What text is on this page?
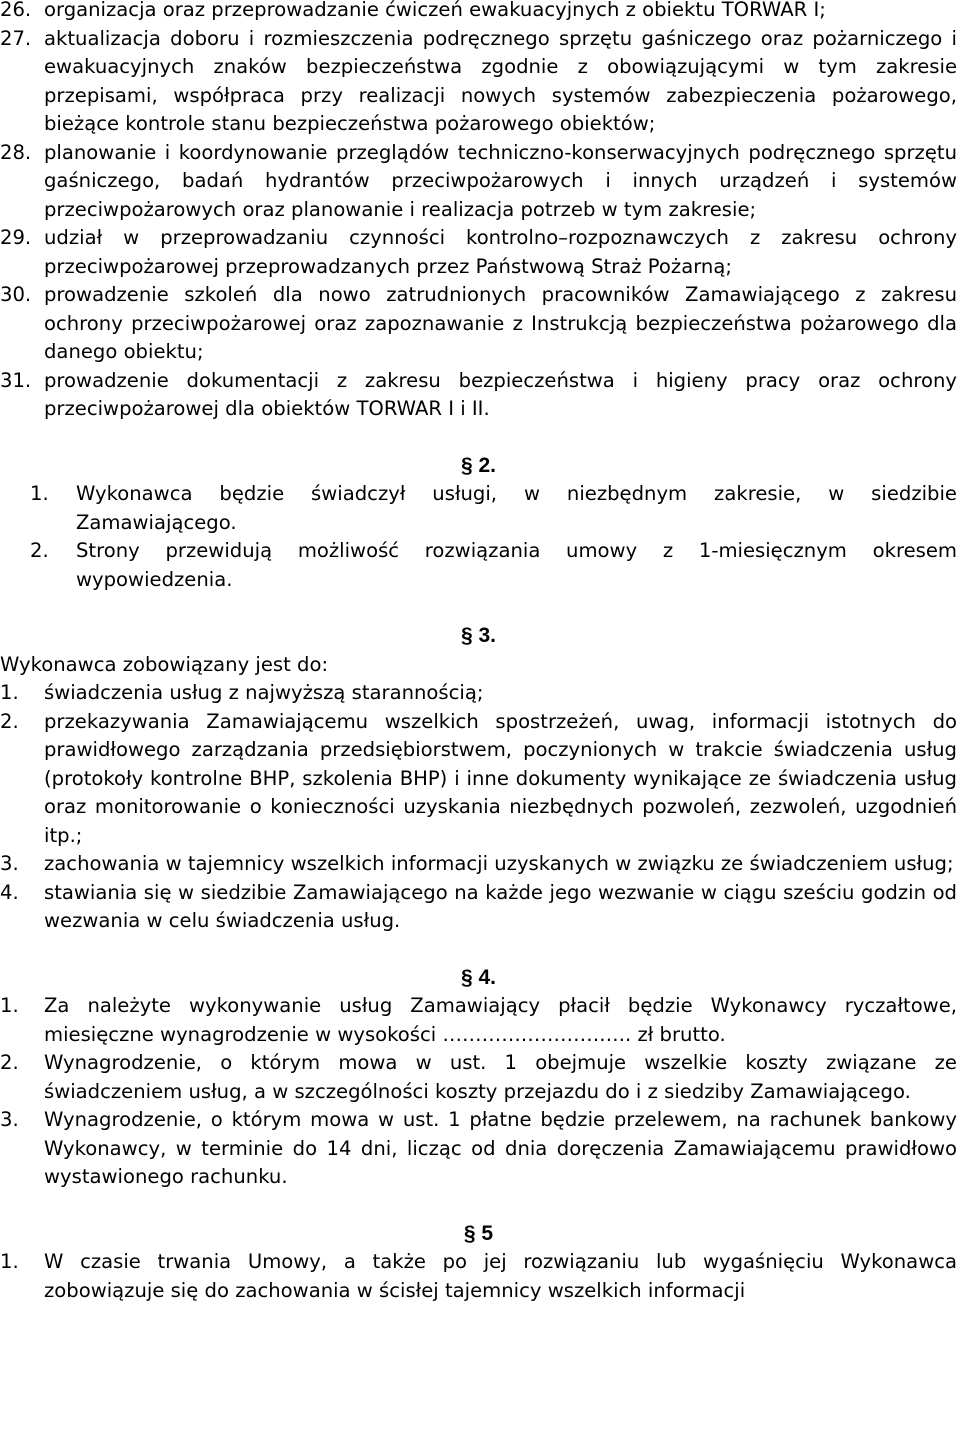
26. organizacja oraz przeprowadzanie ćwiczeń ewakuacyjnych z obiektu TORWAR I;
27. aktualizacja doboru i rozmieszczenia podręcznego sprzętu gaśniczego oraz pożarniczego i ewakuacyjnych znaków bezpieczeństwa zgodnie z obowiązującymi w tym zakresie przepisami, współpraca przy realizacji nowych systemów zabezpieczenia pożarowego, bieżące kontrole stanu bezpieczeństwa pożarowego obiektów;
28. planowanie i koordynowanie przeglądów techniczno-konserwacyjnych podręcznego sprzętu gaśniczego, badań hydrantów przeciwpożarowych i innych urządzeń i systemów przeciwpożarowych oraz planowanie i realizacja potrzeb w tym zakresie;
29. udział w przeprowadzaniu czynności kontrolno–rozpoznawczych z zakresu ochrony przeciwpożarowej przeprowadzanych przez Państwową Straż Pożarną;
30. prowadzenie szkoleń dla nowo zatrudnionych pracowników Zamawiającego z zakresu ochrony przeciwpożarowej oraz zapoznawanie z Instrukcją bezpieczeństwa pożarowego dla danego obiektu;
31. prowadzenie dokumentacji z zakresu bezpieczeństwa i higieny pracy oraz ochrony przeciwpożarowej dla obiektów TORWAR I i II.
§ 2.
1.	Wykonawca będzie świadczył usługi, w niezbędnym zakresie, w siedzibie Zamawiającego.
2.	Strony przewidują możliwość rozwiązania umowy z 1-miesięcznym okresem wypowiedzenia.
§ 3.
Wykonawca zobowiązany jest do:
1.	świadczenia usług z najwyższą starannością;
2.	przekazywania Zamawiającemu wszelkich spostrzeżeń, uwag, informacji istotnych do prawidłowego zarządzania przedsiębiorstwem, poczynionych w trakcie świadczenia usług (protokoły kontrolne BHP, szkolenia BHP) i inne dokumenty wynikające ze świadczenia usług oraz monitorowanie o konieczności uzyskania niezbędnych pozwoleń, zezwoleń, uzgodnień itp.;
3.	zachowania w tajemnicy wszelkich informacji uzyskanych w związku ze świadczeniem usług;
4.	stawiania się w siedzibie Zamawiającego na każde jego wezwanie w ciągu sześciu godzin od wezwania w celu świadczenia usług.
§ 4.
1.	Za należyte wykonywanie usług Zamawiający płacił będzie Wykonawcy ryczałtowe, miesięczne wynagrodzenie w wysokości ……………………….. zł brutto.
2.	Wynagrodzenie, o którym mowa w ust. 1 obejmuje wszelkie koszty związane ze świadczeniem usług, a w szczególności koszty przejazdu do i z siedziby Zamawiającego.
3.	Wynagrodzenie, o którym mowa w ust. 1 płatne będzie przelewem, na rachunek bankowy Wykonawcy, w terminie do 14 dni, licząc od dnia doręczenia Zamawiającemu prawidłowo wystawionego rachunku.
§ 5
1.	W czasie trwania Umowy, a także po jej rozwiązaniu lub wygaśnięciu Wykonawca zobowiązuje się do zachowania w ścisłej tajemnicy wszelkich informacji
